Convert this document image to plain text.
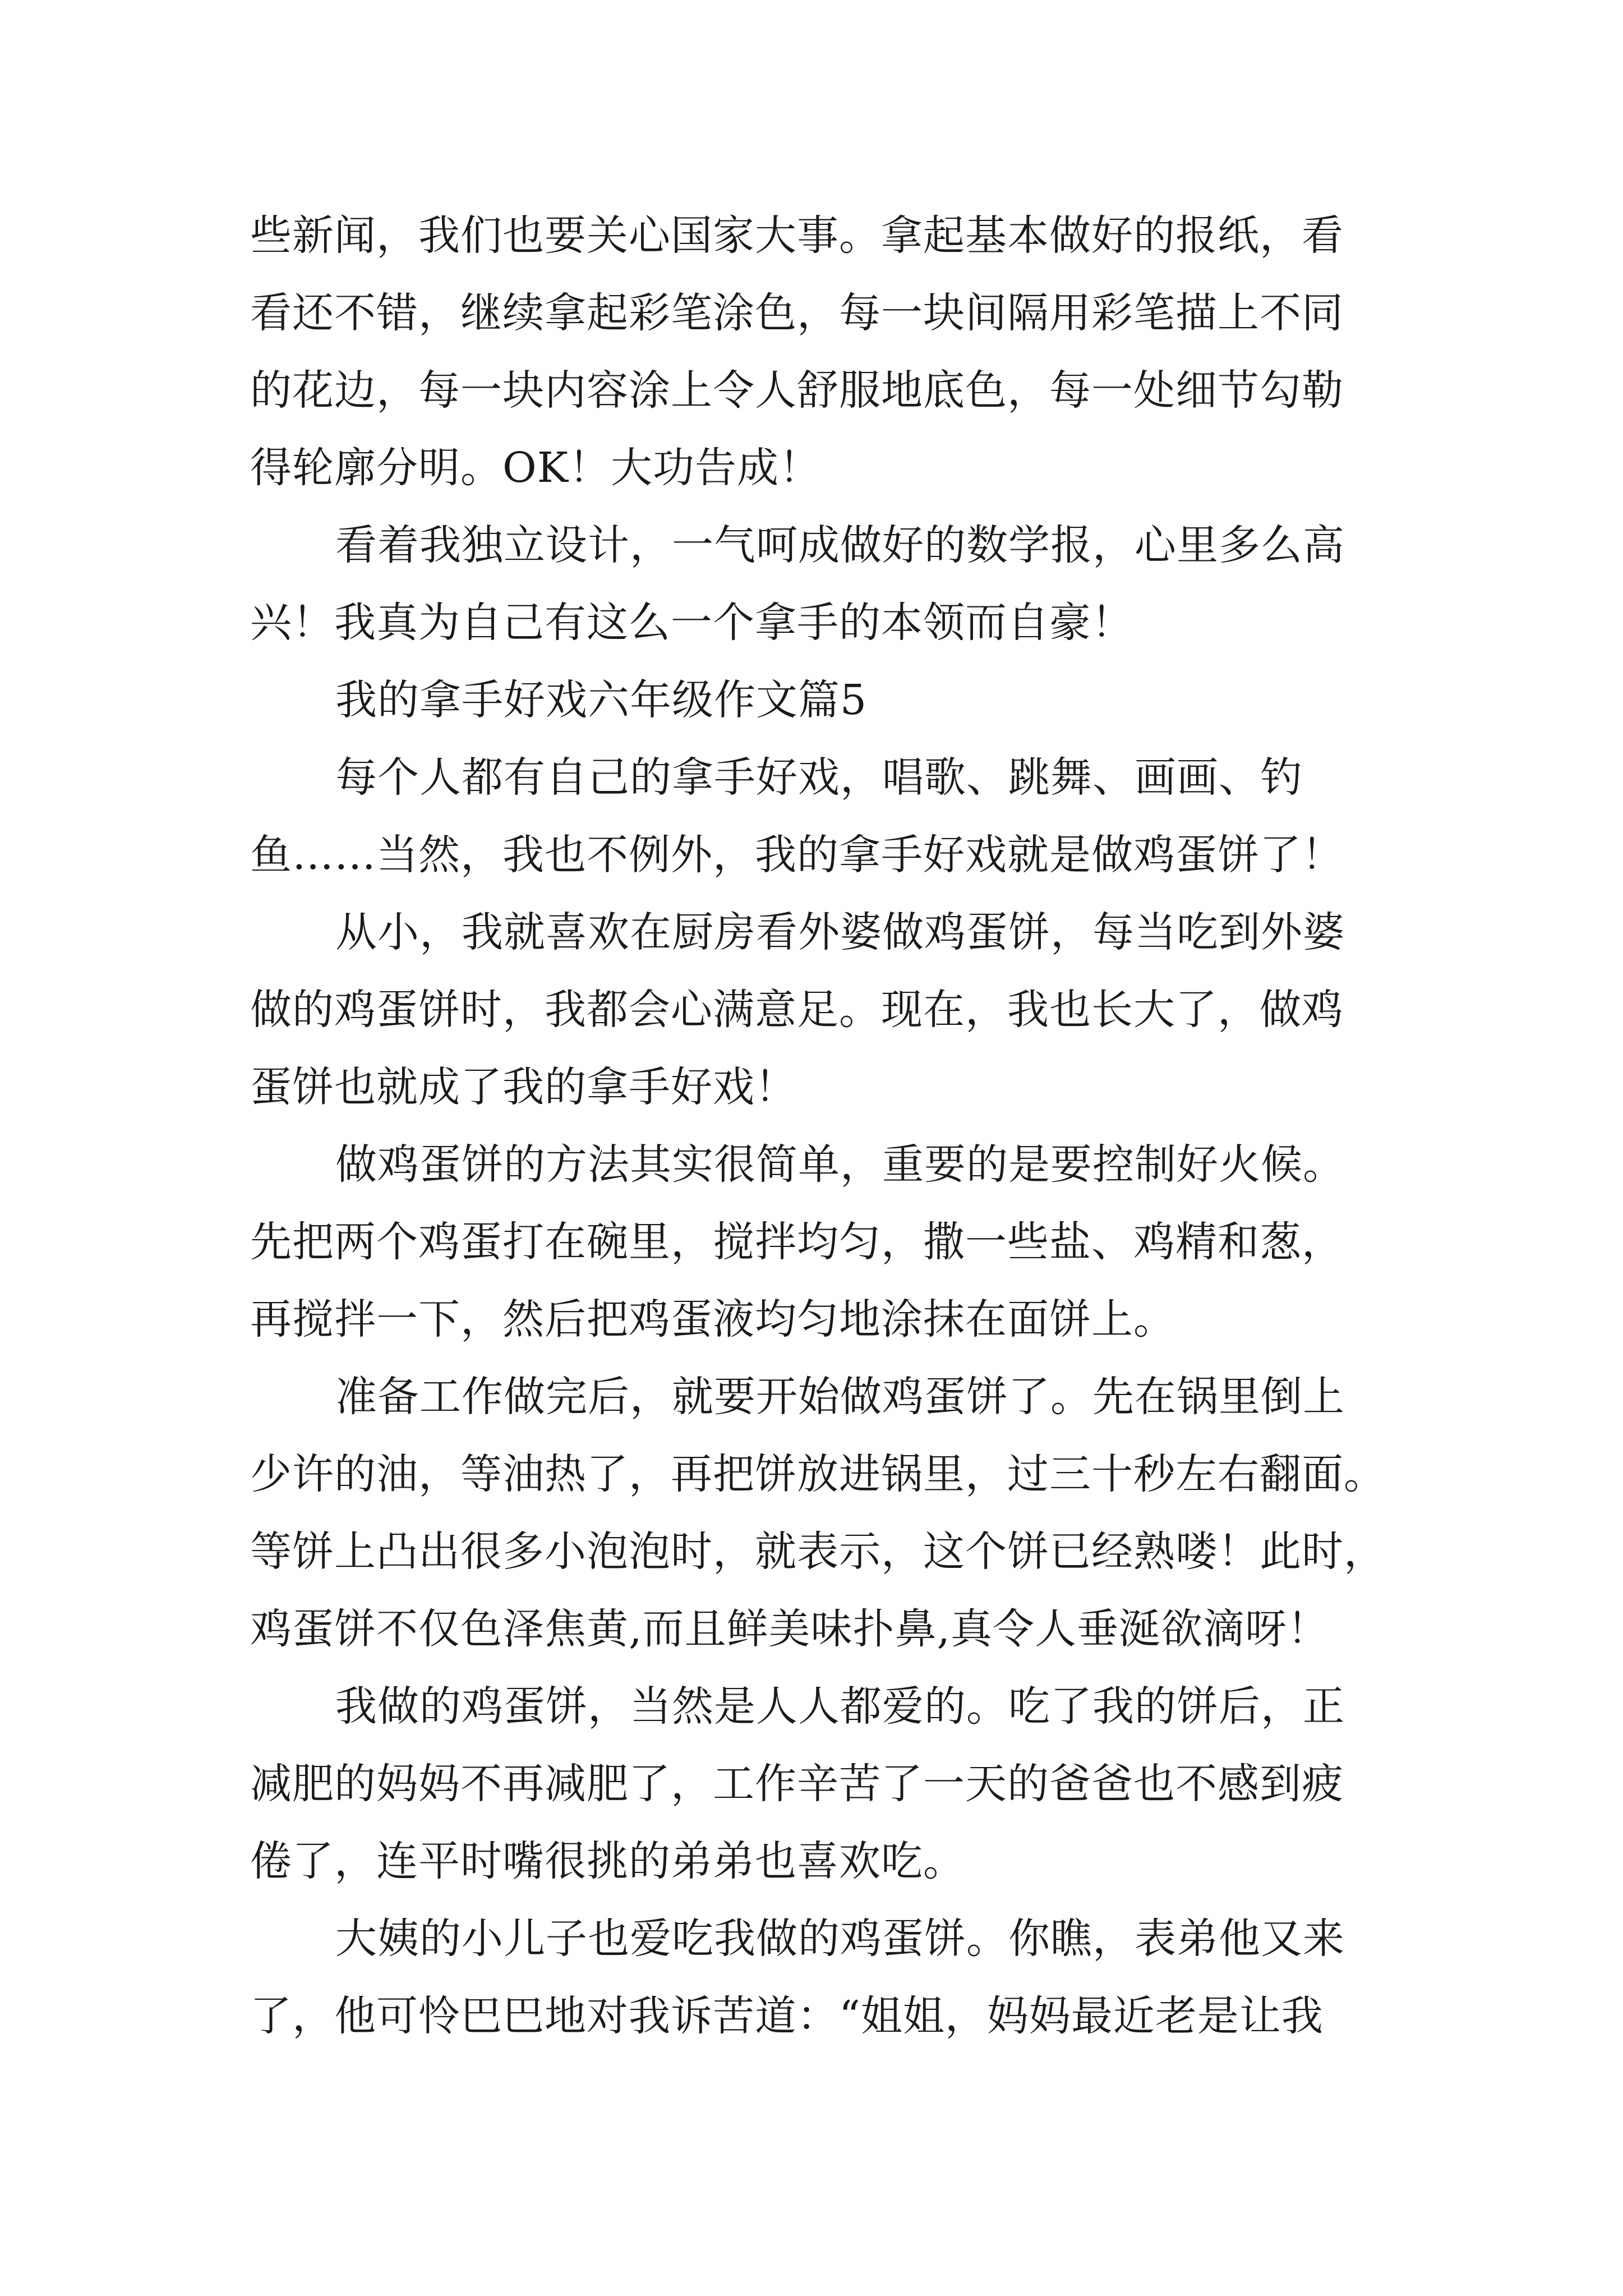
些新闻，我们也要关心国家大事。拿起基本做好的报纸，看
看还不错，继续拿起彩笔涂色，每一块间隔用彩笔描上不同
的花边，每一块内容涂上令人舒服地底色，每一处细节勾勒
得轮廓分明。OK！大功告成！
看着我独立设计，一气呵成做好的数学报，心里多么高
兴！我真为自己有这么一个拿手的本领而自豪！
我的拿手好戏六年级作文篇5
每个人都有自己的拿手好戏，唱歌、跳舞、画画、钓
鱼……当然，我也不例外，我的拿手好戏就是做鸡蛋饼了！
从小，我就喜欢在厨房看外婆做鸡蛋饼，每当吃到外婆
做的鸡蛋饼时，我都会心满意足。现在，我也长大了，做鸡
蛋饼也就成了我的拿手好戏！
做鸡蛋饼的方法其实很简单，重要的是要控制好火候。
先把两个鸡蛋打在碗里，搅拌均匀，撒一些盐、鸡精和葱，
再搅拌一下，然后把鸡蛋液均匀地涂抹在面饼上。
准备工作做完后，就要开始做鸡蛋饼了。先在锅里倒上
少许的油，等油热了，再把饼放进锅里，过三十秒左右翻面。
等饼上凸出很多小泡泡时，就表示，这个饼已经熟喽！此时，
鸡蛋饼不仅色泽焦黄,而且鲜美味扑鼻,真令人垂涎欲滴呀！
我做的鸡蛋饼，当然是人人都爱的。吃了我的饼后，正
减肥的妈妈不再减肥了，工作辛苦了一天的爸爸也不感到疲
倦了，连平时嘴很挑的弟弟也喜欢吃。
大姨的小儿子也爱吃我做的鸡蛋饼。你瞧，表弟他又来
了，他可怜巴巴地对我诉苦道：“姐姐，妈妈最近老是让我
